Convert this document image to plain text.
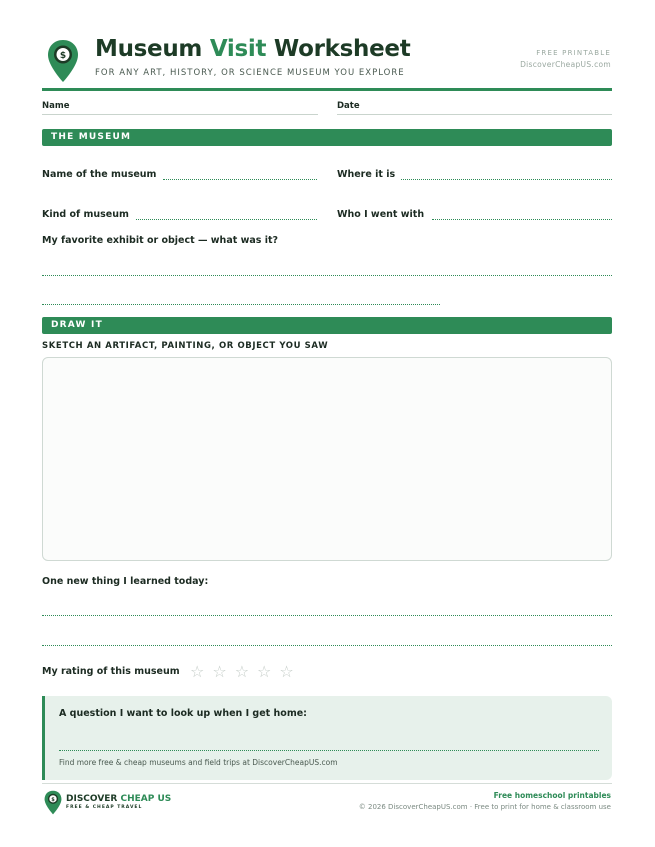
$ Museum Visit Worksheet
FOR ANY ART, HISTORY, OR SCIENCE MUSEUM YOU EXPLORE
FREE PRINTABLE
DiscoverCheapUS.com
Name	Date
THE MUSEUM
Name of the museum	Where it is
Kind of museum	Who I went with
My favorite exhibit or object — what was it?
DRAW IT
SKETCH AN ARTIFACT, PAINTING, OR OBJECT YOU SAW
One new thing I learned today:
My rating of this museum ☆☆☆☆☆
A question I want to look up when I get home:
Find more free & cheap museums and field trips at DiscoverCheapUS.com
$ DISCOVER CHEAP US
FREE & CHEAP TRAVEL
Free homeschool printables
© 2026 DiscoverCheapUS.com · Free to print for home & classroom use
